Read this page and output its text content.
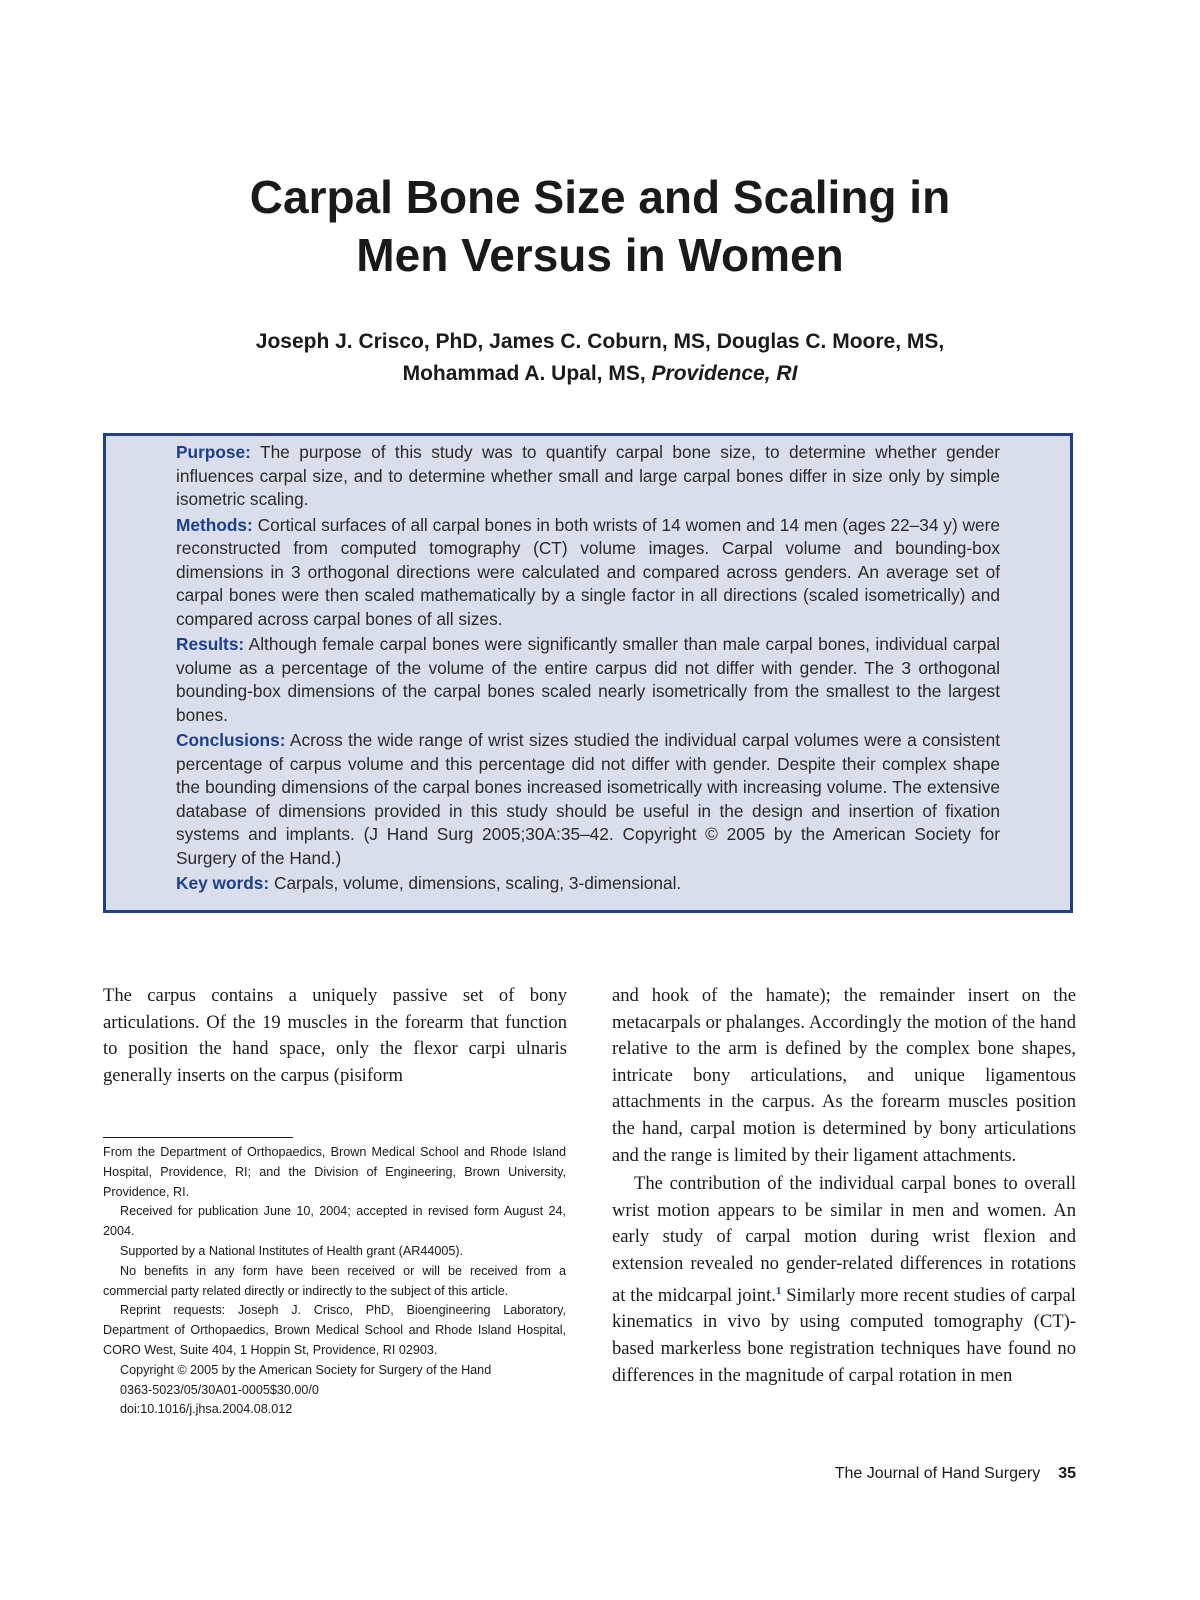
Carpal Bone Size and Scaling in
Men Versus in Women
Joseph J. Crisco, PhD, James C. Coburn, MS, Douglas C. Moore, MS,
Mohammad A. Upal, MS, Providence, RI

Purpose: The purpose of this study was to quantify carpal bone size, to determine whether gender influences carpal size, and to determine whether small and large carpal bones differ in size only by simple isometric scaling.

Methods: Cortical surfaces of all carpal bones in both wrists of 14 women and 14 men (ages 22–34 y) were reconstructed from computed tomography (CT) volume images. Carpal volume and bounding-box dimensions in 3 orthogonal directions were calculated and compared across genders. An average set of carpal bones were then scaled mathematically by a single factor in all directions (scaled isometrically) and compared across carpal bones of all sizes.

Results: Although female carpal bones were significantly smaller than male carpal bones, individual carpal volume as a percentage of the volume of the entire carpus did not differ with gender. The 3 orthogonal bounding-box dimensions of the carpal bones scaled nearly isometrically from the smallest to the largest bones.

Conclusions: Across the wide range of wrist sizes studied the individual carpal volumes were a consistent percentage of carpus volume and this percentage did not differ with gender. Despite their complex shape the bounding dimensions of the carpal bones increased isometrically with increasing volume. The extensive database of dimensions provided in this study should be useful in the design and insertion of fixation systems and implants. (J Hand Surg 2005;30A:35–42. Copyright © 2005 by the American Society for Surgery of the Hand.)

Key words: Carpals, volume, dimensions, scaling, 3-dimensional.

The carpus contains a uniquely passive set of bony articulations. Of the 19 muscles in the forearm that function to position the hand space, only the flexor carpi ulnaris generally inserts on the carpus (pisiform

From the Department of Orthopaedics, Brown Medical School and Rhode Island Hospital, Providence, RI; and the Division of Engineering, Brown University, Providence, RI.

Received for publication June 10, 2004; accepted in revised form August 24, 2004.

Supported by a National Institutes of Health grant (AR44005).

No benefits in any form have been received or will be received from a commercial party related directly or indirectly to the subject of this article.

Reprint requests: Joseph J. Crisco, PhD, Bioengineering Laboratory, Department of Orthopaedics, Brown Medical School and Rhode Island Hospital, CORO West, Suite 404, 1 Hoppin St, Providence, RI 02903.

Copyright © 2005 by the American Society for Surgery of the Hand

0363-5023/05/30A01-0005$30.00/0

doi:10.1016/j.jhsa.2004.08.012

and hook of the hamate); the remainder insert on the metacarpals or phalanges. Accordingly the motion of the hand relative to the arm is defined by the complex bone shapes, intricate bony articulations, and unique ligamentous attachments in the carpus. As the forearm muscles position the hand, carpal motion is determined by bony articulations and the range is limited by their ligament attachments.

The contribution of the individual carpal bones to overall wrist motion appears to be similar in men and women. An early study of carpal motion during wrist flexion and extension revealed no gender-related differences in rotations at the midcarpal joint.$^1$ Similarly more recent studies of carpal kinematics in vivo by using computed tomography (CT)-based markerless bone registration techniques have found no differences in the magnitude of carpal rotation in men

The Journal of Hand Surgery 35
